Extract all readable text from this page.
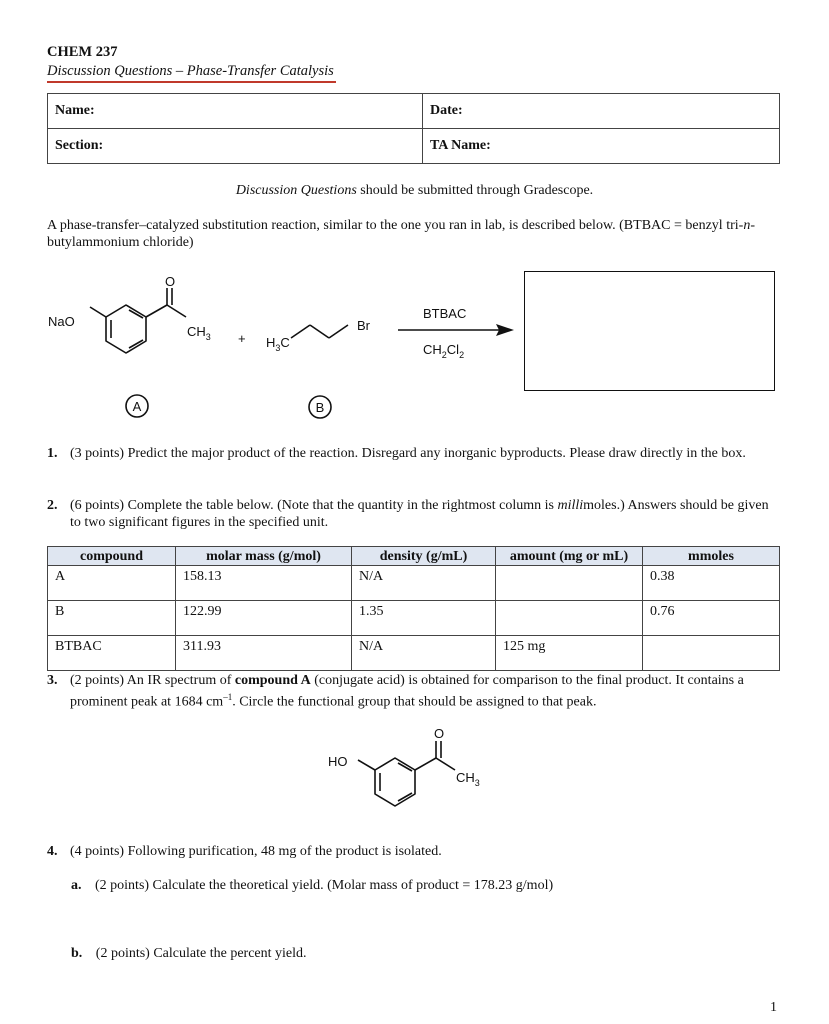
CHEM 237
Discussion Questions – Phase-Transfer Catalysis
Name:	Date:
Section:	TA Name:
Discussion Questions should be submitted through Gradescope.
A phase-transfer–catalyzed substitution reaction, similar to the one you ran in lab, is described below. (BTBAC = benzyl tri-n-butylammonium chloride)
NaO
O
$CH_3 + H_3C$
Br
BTBAC
$CH_2Cl_2$
A	B
1. (3 points) Predict the major product of the reaction. Disregard any inorganic byproducts. Please draw directly in the box.
2. (6 points) Complete the table below. (Note that the quantity in the rightmost column is millimoles.) Answers should be given to two significant figures in the specified unit.
compound	molar mass (g/mol)	density (g/mL)	amount (mg or mL)	mmoles
A	158.13	N/A		0.38
B	122.99	1.35		0.76
BTBAC	311.93	N/A	125 mg	
3. (2 points) An IR spectrum of compound A (conjugate acid) is obtained for comparison to the final product. It contains a prominent peak at 1684 $cm^{-1}$. Circle the functional group that should be assigned to that peak.
HO
O
$CH_3$
4. (4 points) Following purification, 48 mg of the product is isolated.
a. (2 points) Calculate the theoretical yield. (Molar mass of product = 178.23 g/mol)
b. (2 points) Calculate the percent yield.
1
